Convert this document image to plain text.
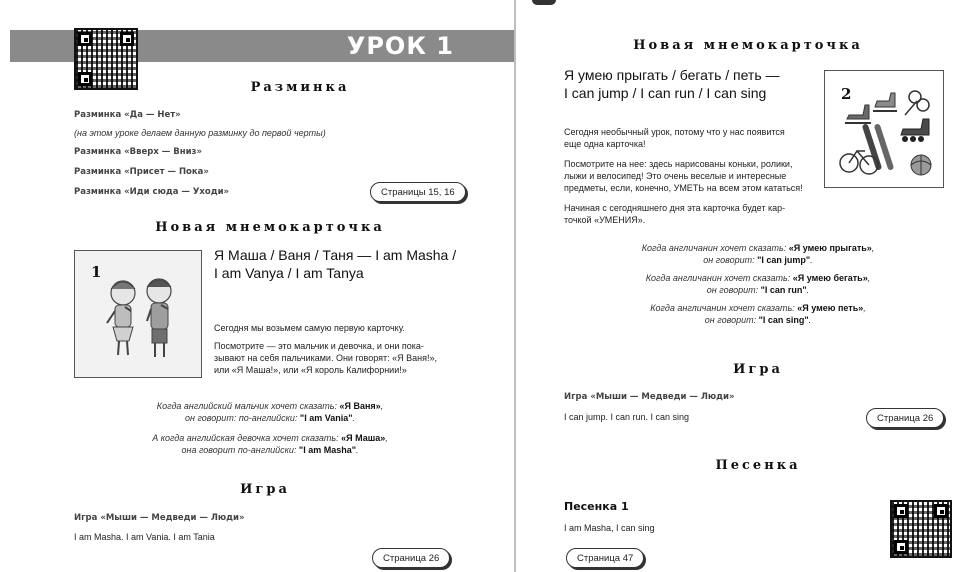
УРОК 1
Разминка
Разминка «Да — Нет»
(на этом уроке делаем данную разминку до первой черты)
Разминка «Вверх — Вниз»
Разминка «Присет — Пока»
Разминка «Иди сюда — Уходи»	Страницы 15, 16
Новая мнемокарточка
1
Я Маша / Ваня / Таня — I am Masha /
I am Vanya / I am Tanya
Сегодня мы возьмем самую первую карточку.
Посмотрите — это мальчик и девочка, и они пока-
зывают на себя пальчиками. Они говорят: «Я Ваня!»,
или «Я Маша!», или «Я король Калифорнии!»
Когда английский мальчик хочет сказать: «Я Ваня»,
он говорит: по-английски: "I am Vania".
А когда английская девочка хочет сказать: «Я Маша»,
она говорит по-английски: "I am Masha".
Игра
Игра «Мыши — Медведи — Люди»
I am Masha. I am Vania. I am Tania
Страница 26
Новая мнемокарточка
Я умею прыгать / бегать / петь —
I can jump / I can run / I can sing	2
Сегодня необычный урок, потому что у нас появится
еще одна карточка!
Посмотрите на нее: здесь нарисованы коньки, ролики,
лыжи и велосипед! Это очень веселые и интересные
предметы, если, конечно, УМЕТЬ на всем этом кататься!
Начиная с сегодняшнего дня эта карточка будет кар-
точкой «УМЕНИЯ».
Когда англичанин хочет сказать: «Я умею прыгать»,
он говорит: "I can jump".
Когда англичанин хочет сказать: «Я умею бегать»,
он говорит: "I can run".
Когда англичанин хочет сказать: «Я умею петь»,
он говорит: "I can sing".
Игра
Игра «Мыши — Медведи — Люди»
I can jump. I can run. I can sing	Страница 26
Песенка
Песенка 1
I am Masha, I can sing
Страница 47
